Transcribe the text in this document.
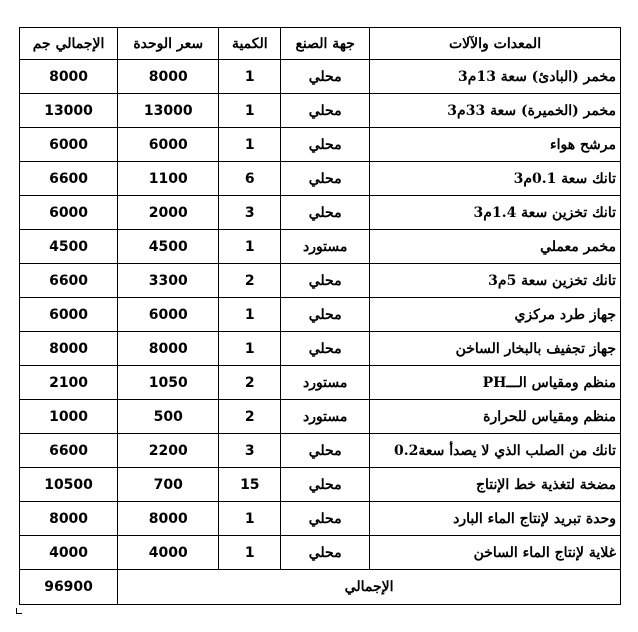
المعدات والآلات	جهة الصنع	الكمية	سعر الوحدة	الإجمالي جم
مخمر (البادئ) سعة 13م3	محلي	1	8000	8000
مخمر (الخميرة) سعة 33م3	محلي	1	13000	13000
مرشح هواء	محلي	1	6000	6000
تانك سعة 0.1م3	محلي	6	1100	6600
تانك تخزين سعة 1.4م3	محلي	3	2000	6000
مخمر معملي	مستورد	1	4500	4500
تانك تخزين سعة 5م3	محلي	2	3300	6600
جهاز طرد مركزي	محلي	1	6000	6000
جهاز تجفيف بالبخار الساخن	محلي	1	8000	8000
منظم ومقياس الـــPH	مستورد	2	1050	2100
منظم ومقياس للحرارة	مستورد	2	500	1000
تانك من الصلب الذي لا يصدأ سعة0.2	محلي	3	2200	6600
مضخة لتغذية خط الإنتاج	محلي	15	700	10500
وحدة تبريد لإنتاج الماء البارد	محلي	1	8000	8000
غلاية لإنتاج الماء الساخن	محلي	1	4000	4000
الإجمالي				96900
